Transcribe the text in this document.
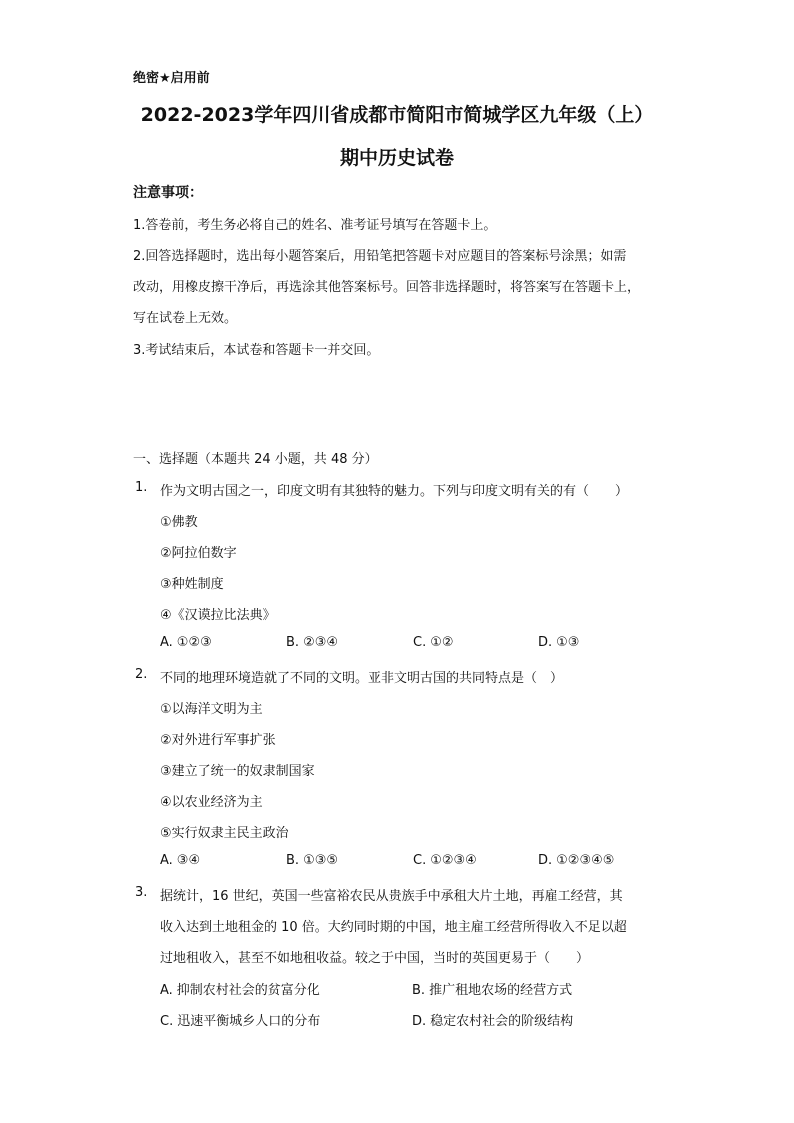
绝密★启用前
2022-2023学年四川省成都市简阳市简城学区九年级（上）
期中历史试卷
注意事项：
1.答卷前，考生务必将自己的姓名、准考证号填写在答题卡上。
2.回答选择题时，选出每小题答案后，用铅笔把答题卡对应题目的答案标号涂黑；如需
改动，用橡皮擦干净后，再选涂其他答案标号。回答非选择题时，将答案写在答题卡上，
写在试卷上无效。
3.考试结束后，本试卷和答题卡一并交回。
一、选择题（本题共 24 小题，共 48 分）
1. 作为文明古国之一，印度文明有其独特的魅力。下列与印度文明有关的有（　　）
①佛教
②阿拉伯数字
③种姓制度
④《汉谟拉比法典》
A. ①②③	B. ②③④	C. ①②	D. ①③
2. 不同的地理环境造就了不同的文明。亚非文明古国的共同特点是（　）
①以海洋文明为主
②对外进行军事扩张
③建立了统一的奴隶制国家
④以农业经济为主
⑤实行奴隶主民主政治
A. ③④	B. ①③⑤	C. ①②③④	D. ①②③④⑤
3. 据统计，16 世纪，英国一些富裕农民从贵族手中承租大片土地，再雇工经营，其
收入达到土地租金的 10 倍。大约同时期的中国，地主雇工经营所得收入不足以超
过地租收入，甚至不如地租收益。较之于中国，当时的英国更易于（　　）
A. 抑制农村社会的贫富分化	B. 推广租地农场的经营方式
C. 迅速平衡城乡人口的分布	D. 稳定农村社会的阶级结构
